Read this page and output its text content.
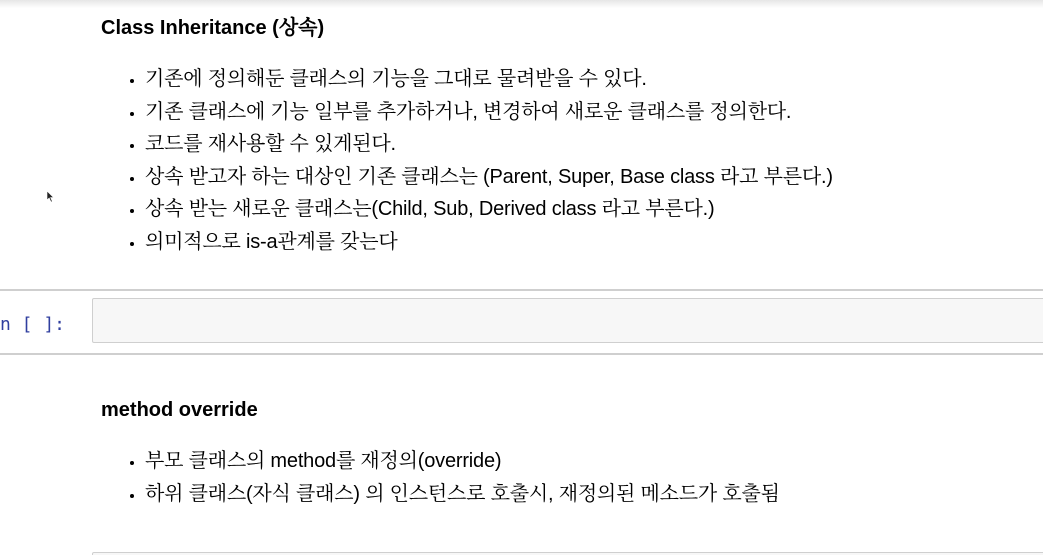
Class Inheritance (상속)
• 기존에 정의해둔 클래스의 기능을 그대로 물려받을 수 있다.
• 기존 클래스에 기능 일부를 추가하거나, 변경하여 새로운 클래스를 정의한다.
• 코드를 재사용할 수 있게된다.
• 상속 받고자 하는 대상인 기존 클래스는 (Parent, Super, Base class 라고 부른다.)
• 상속 받는 새로운 클래스는(Child, Sub, Derived class 라고 부른다.)
• 의미적으로 is-a관계를 갖는다
n [ ]:
method override
• 부모 클래스의 method를 재정의(override)
• 하위 클래스(자식 클래스) 의 인스턴스로 호출시, 재정의된 메소드가 호출됨
